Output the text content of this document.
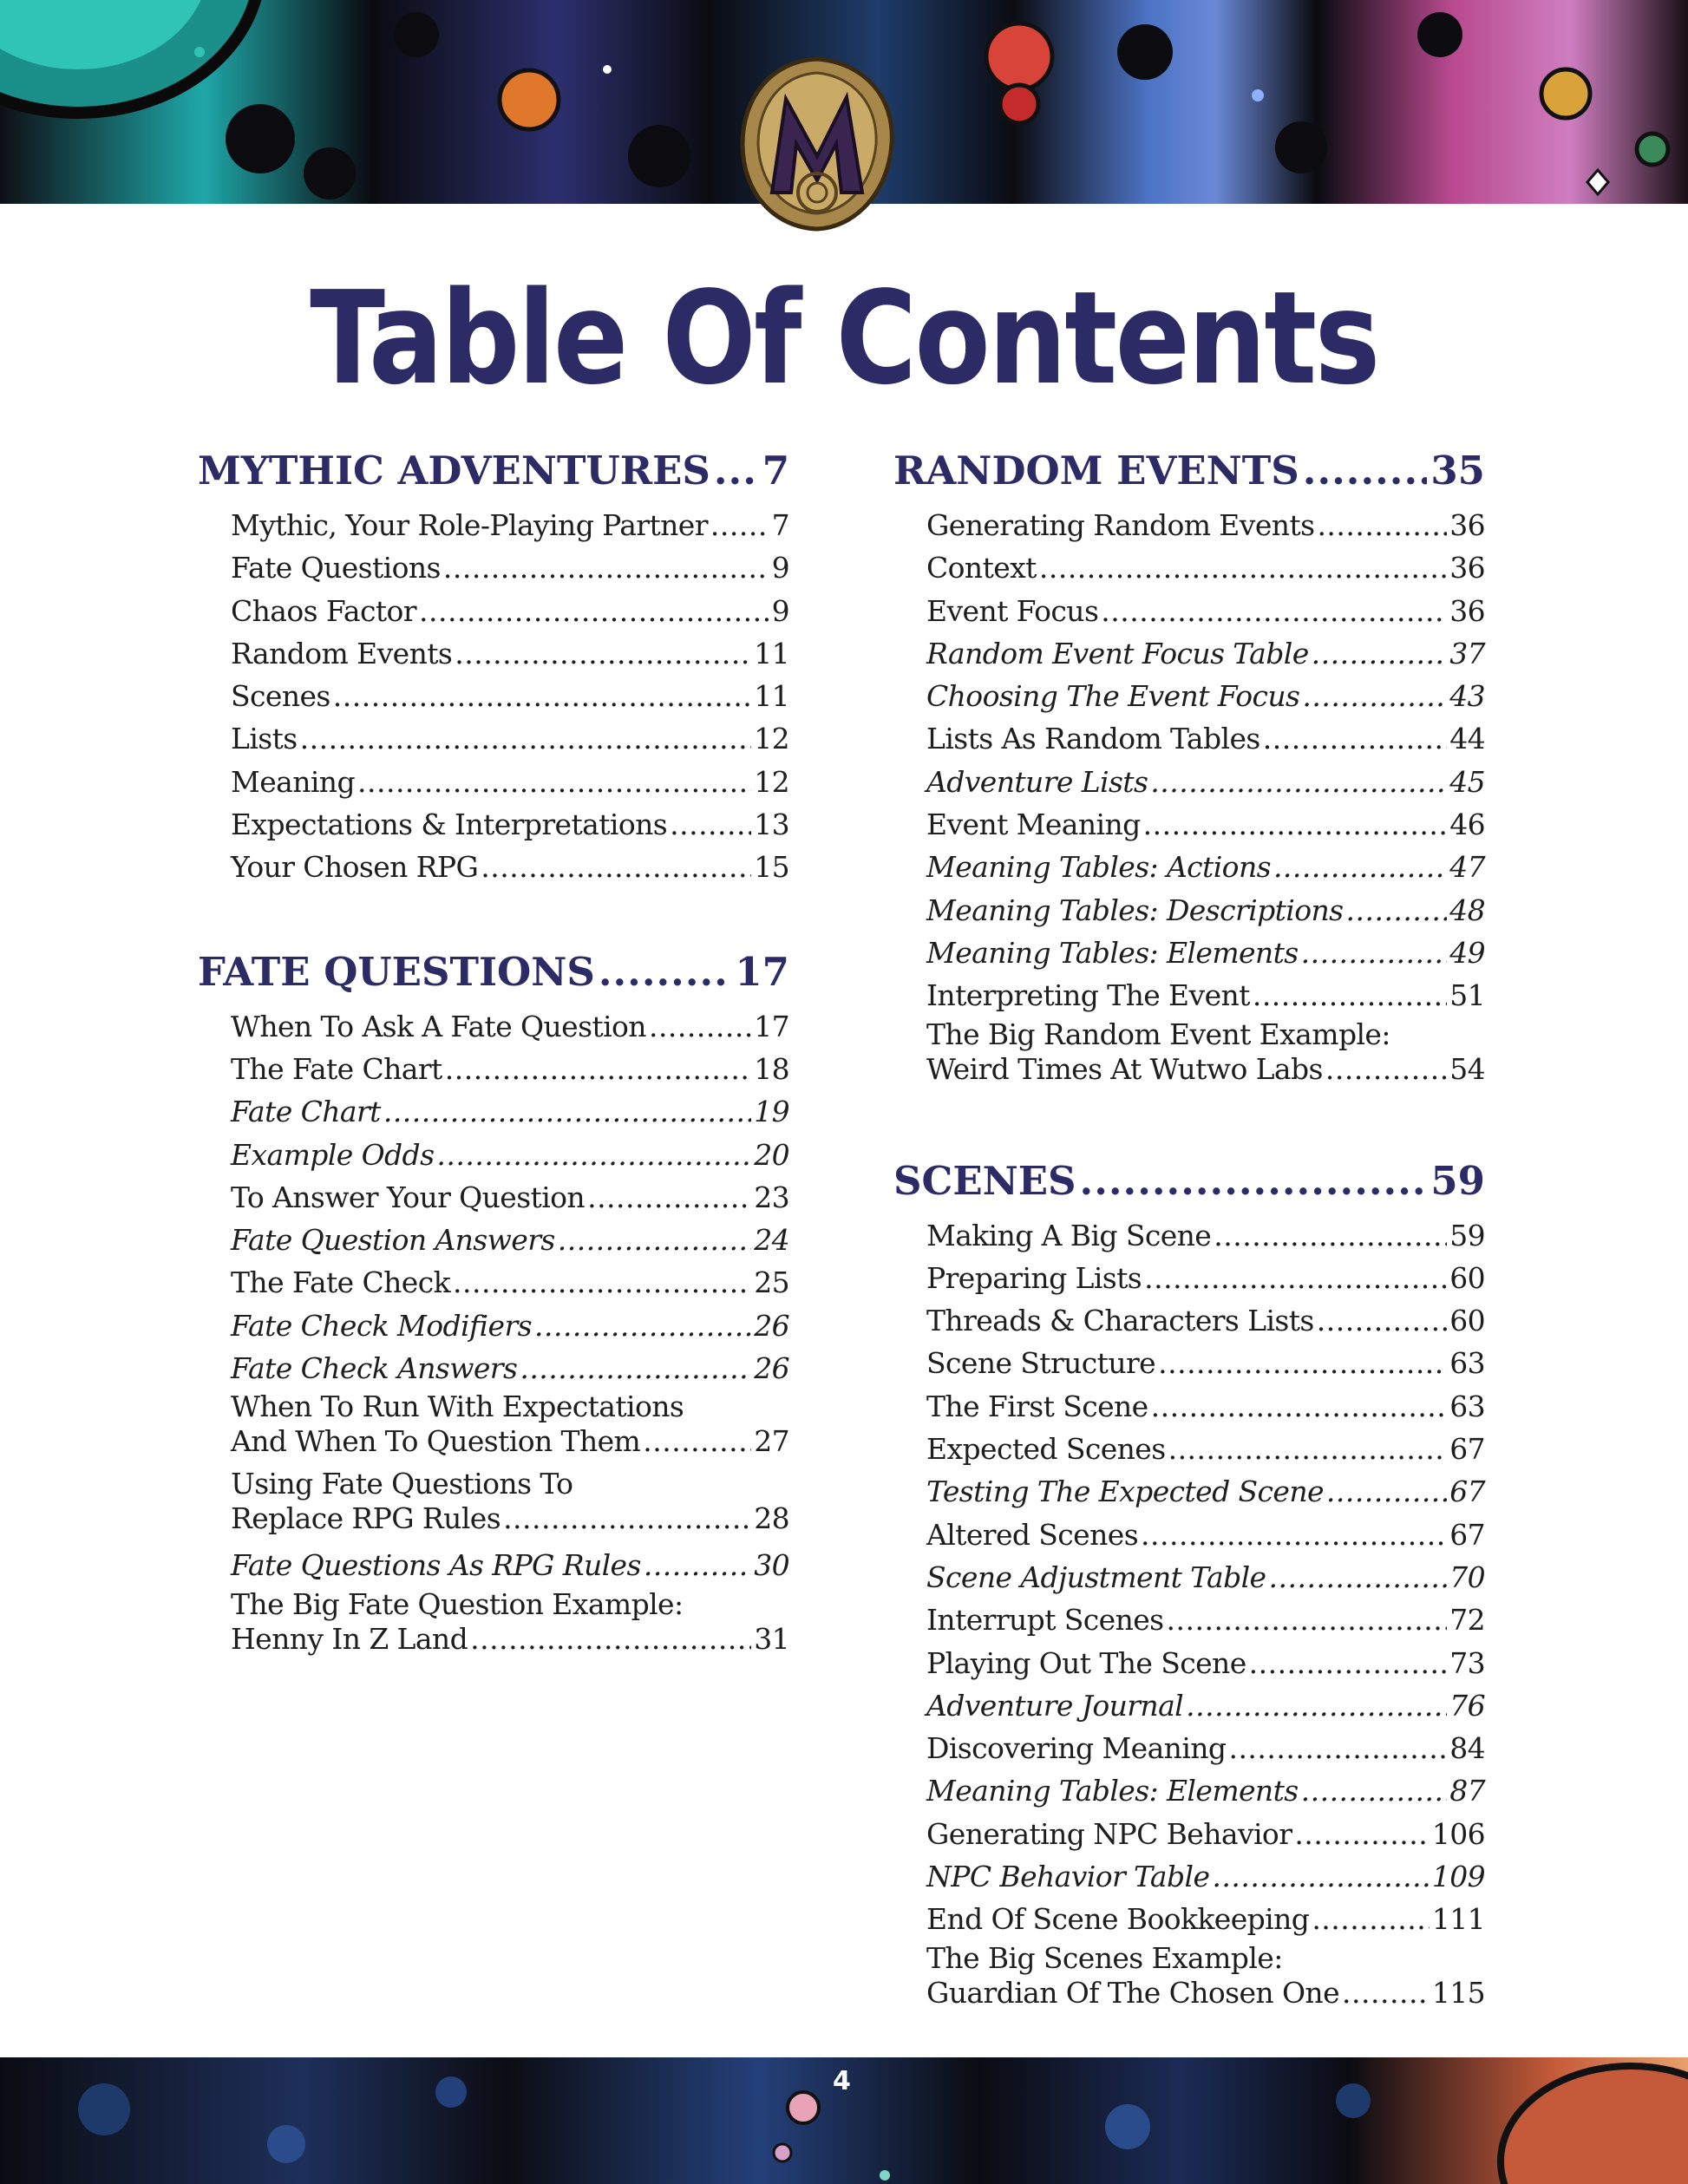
Table Of Contents
MYTHIC ADVENTURES ..... 7
Mythic, Your Role-Playing Partner ..... 7
Fate Questions .....	9
Chaos Factor .....	9
Random Events .....	11
Scenes .....	11
Lists .....	12
Meaning .....	12
Expectations & Interpretations .....	13
Your Chosen RPG .....	15
FATE QUESTIONS .....	17
When To Ask A Fate Question .....	17
The Fate Chart .....	18
Fate Chart .....	19
Example Odds .....	20
To Answer Your Question .....	23
Fate Question Answers .....	24
The Fate Check .....	25
Fate Check Modifiers .....	26
Fate Check Answers .....	26
When To Run With Expectations
And When To Question Them .....	27
Using Fate Questions To
Replace RPG Rules .....	28
Fate Questions As RPG Rules .....	30
The Big Fate Question Example:
Henny In Z Land .....	31
RANDOM EVENTS .....	35
Generating Random Events .....	36
Context .....	36
Event Focus .....	36
Random Event Focus Table .....	37
Choosing The Event Focus .....	43
Lists As Random Tables .....	44
Adventure Lists .....	45
Event Meaning .....	46
Meaning Tables: Actions .....	47
Meaning Tables: Descriptions .....	48
Meaning Tables: Elements .....	49
Interpreting The Event .....	51
The Big Random Event Example:
Weird Times At Wutwo Labs .....	54
SCENES .....	59
Making A Big Scene .....	59
Preparing Lists .....	60
Threads & Characters Lists .....	60
Scene Structure .....	63
The First Scene .....	63
Expected Scenes .....	67
Testing The Expected Scene .....	67
Altered Scenes .....	67
Scene Adjustment Table .....	70
Interrupt Scenes .....	72
Playing Out The Scene .....	73
Adventure Journal .....	76
Discovering Meaning .....	84
Meaning Tables: Elements .....	87
Generating NPC Behavior .....	106
NPC Behavior Table .....	109
End Of Scene Bookkeeping .....	111
The Big Scenes Example:
Guardian Of The Chosen One .....	115
4
